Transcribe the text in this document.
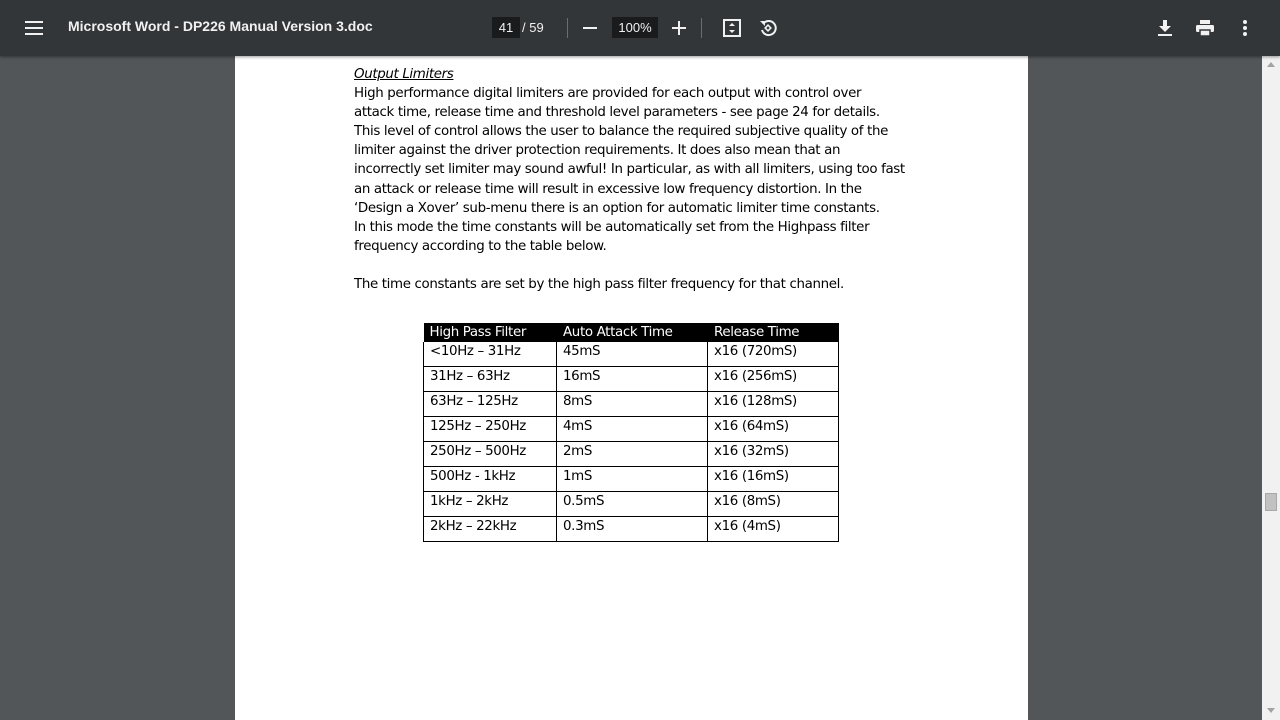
Microsoft Word - DP226 Manual Version 3.doc
41	/ 59
100%
Output Limiters
High performance digital limiters are provided for each output with control over
attack time, release time and threshold level parameters - see page 24 for details.
This level of control allows the user to balance the required subjective quality of the
limiter against the driver protection requirements. It does also mean that an
incorrectly set limiter may sound awful! In particular, as with all limiters, using too fast
an attack or release time will result in excessive low frequency distortion. In the
‘Design a Xover’ sub-menu there is an option for automatic limiter time constants.
In this mode the time constants will be automatically set from the Highpass filter
frequency according to the table below.
The time constants are set by the high pass filter frequency for that channel.
High Pass Filter	Auto Attack Time	Release Time
<10Hz – 31Hz	45mS	x16 (720mS)
31Hz – 63Hz	16mS	x16 (256mS)
63Hz – 125Hz	8mS	x16 (128mS)
125Hz – 250Hz	4mS	x16 (64mS)
250Hz – 500Hz	2mS	x16 (32mS)
500Hz - 1kHz	1mS	x16 (16mS)
1kHz – 2kHz	0.5mS	x16 (8mS)
2kHz – 22kHz	0.3mS	x16 (4mS)
